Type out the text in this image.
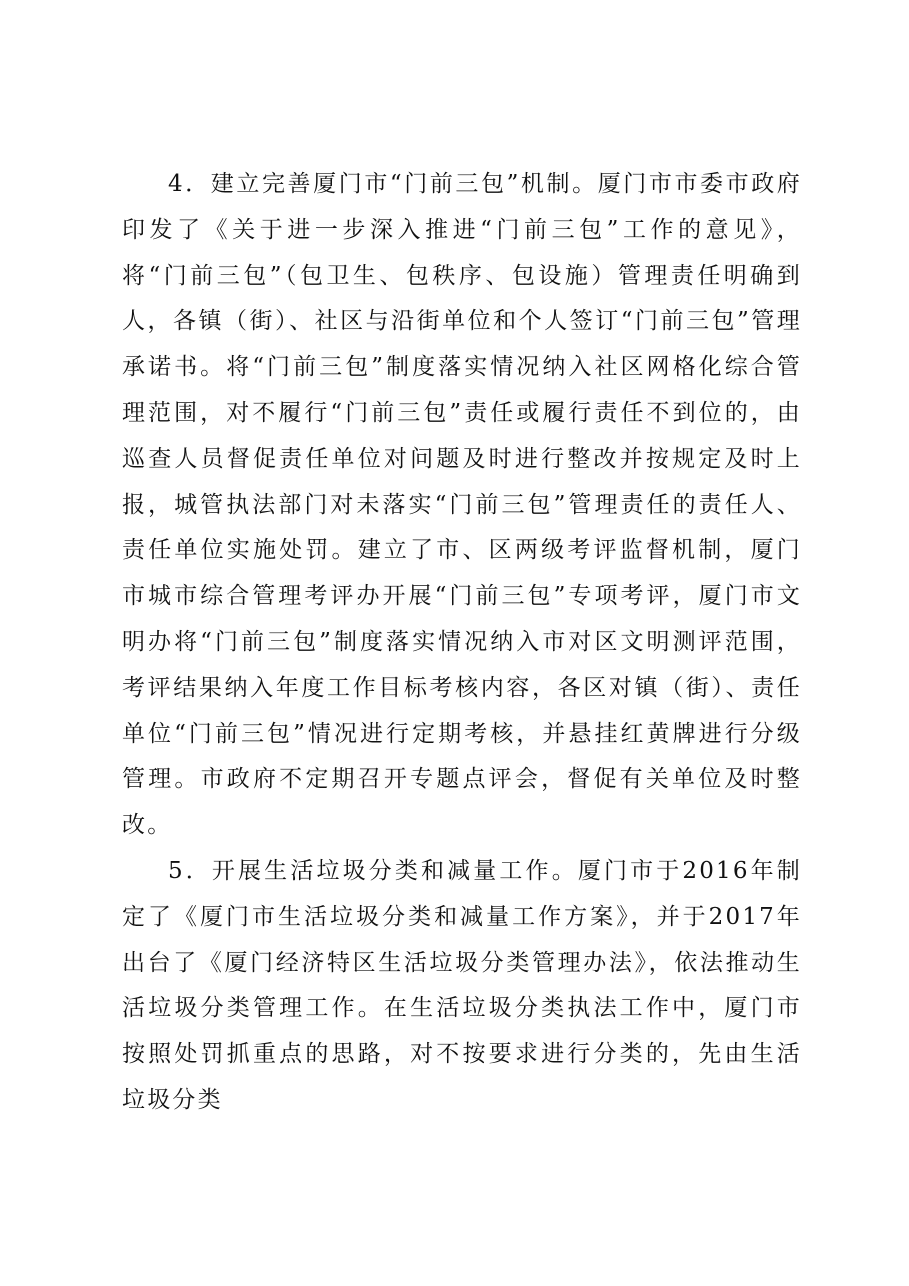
4．建立完善厦门市“门前三包”机制。厦门市市委市政府印发了《关于进一步深入推进“门前三包”工作的意见》，将“门前三包”（包卫生、包秩序、包设施）管理责任明确到人，各镇（街）、社区与沿街单位和个人签订“门前三包”管理承诺书。将“门前三包”制度落实情况纳入社区网格化综合管理范围，对不履行“门前三包”责任或履行责任不到位的，由巡查人员督促责任单位对问题及时进行整改并按规定及时上报，城管执法部门对未落实“门前三包”管理责任的责任人、责任单位实施处罚。建立了市、区两级考评监督机制，厦门市城市综合管理考评办开展“门前三包”专项考评，厦门市文明办将“门前三包”制度落实情况纳入市对区文明测评范围，考评结果纳入年度工作目标考核内容，各区对镇（街）、责任单位“门前三包”情况进行定期考核，并悬挂红黄牌进行分级管理。市政府不定期召开专题点评会，督促有关单位及时整改。

5．开展生活垃圾分类和减量工作。厦门市于2016年制定了《厦门市生活垃圾分类和减量工作方案》，并于2017年出台了《厦门经济特区生活垃圾分类管理办法》，依法推动生活垃圾分类管理工作。在生活垃圾分类执法工作中，厦门市按照处罚抓重点的思路，对不按要求进行分类的，先由生活垃圾分类
